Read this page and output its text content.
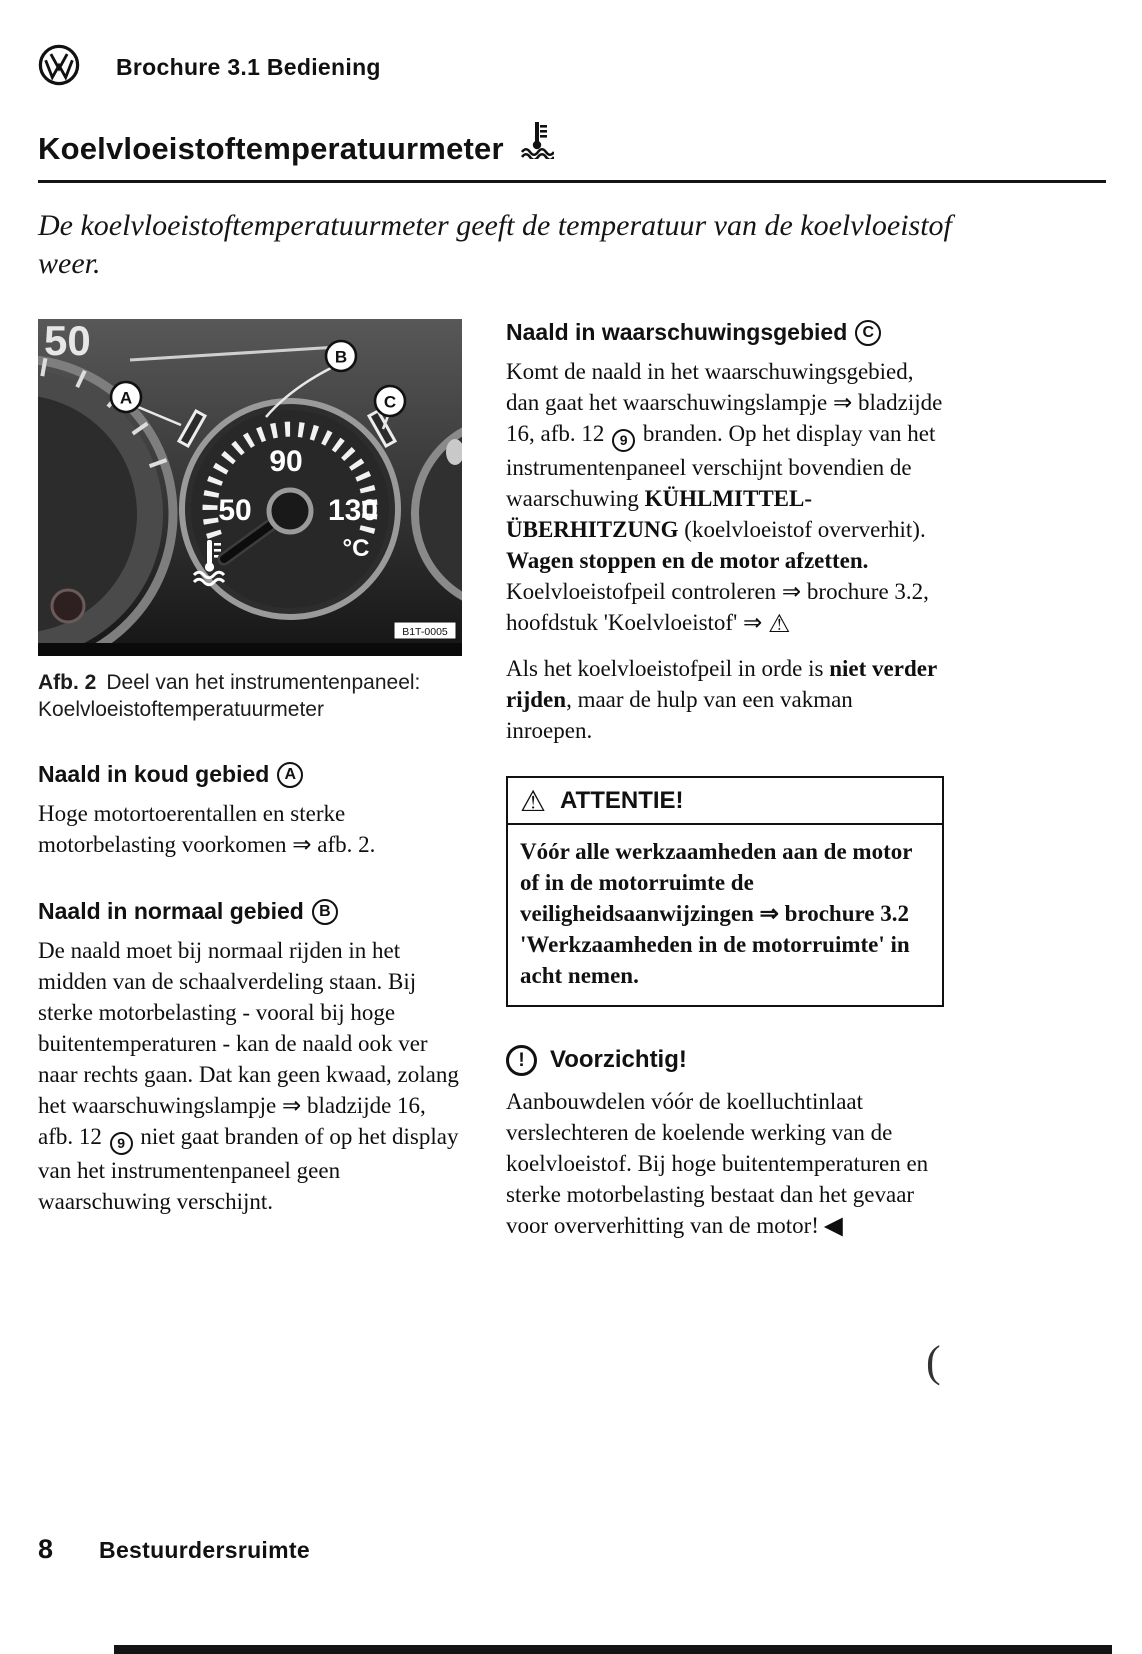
Brochure 3.1 Bediening
Koelvloeistoftemperatuurmeter

De koelvloeistoftemperatuurmeter geeft de temperatuur van de koelvloeistof weer.

50
90
50	130
°C
A
B
C
B1T-0005
Afb. 2 Deel van het instrumentenpaneel: Koelvloeistoftemperatuurmeter
Naald in koud gebied A

Hoge motortoerentallen en sterke motorbelasting voorkomen ⇒ afb. 2.

Naald in normaal gebied B

De naald moet bij normaal rijden in het midden van de schaalverdeling staan. Bij sterke motorbelasting - vooral bij hoge buitentemperaturen - kan de naald ook ver naar rechts gaan. Dat kan geen kwaad, zolang het waarschuwingslampje ⇒ bladzijde 16, afb. 12 9 niet gaat branden of op het display van het instrumentenpaneel geen waarschuwing verschijnt.

Naald in waarschuwingsgebied C

Komt de naald in het waarschuwingsgebied, dan gaat het waarschuwingslampje ⇒ bladzijde 16, afb. 12 9 branden. Op het display van het instrumentenpaneel verschijnt bovendien de waarschuwing KÜHLMITTEL-ÜBERHITZUNG (koelvloeistof oververhit). Wagen stoppen en de motor afzetten. Koelvloeistofpeil controleren ⇒ brochure 3.2, hoofdstuk 'Koelvloeistof' ⇒ ⚠

Als het koelvloeistofpeil in orde is niet verder rijden, maar de hulp van een vakman inroepen.

⚠ ATTENTIE!
Vóór alle werkzaamheden aan de motor of in de motorruimte de veiligheidsaanwijzingen ⇒ brochure 3.2 'Werkzaamheden in de motorruimte' in acht nemen.
!	Voorzichtig!

Aanbouwdelen vóór de koelluchtinlaat verslechteren de koelende werking van de koelvloeistof. Bij hoge buitentemperaturen en sterke motorbelasting bestaat dan het gevaar voor oververhitting van de motor! ◀

8 Bestuurdersruimte
(
